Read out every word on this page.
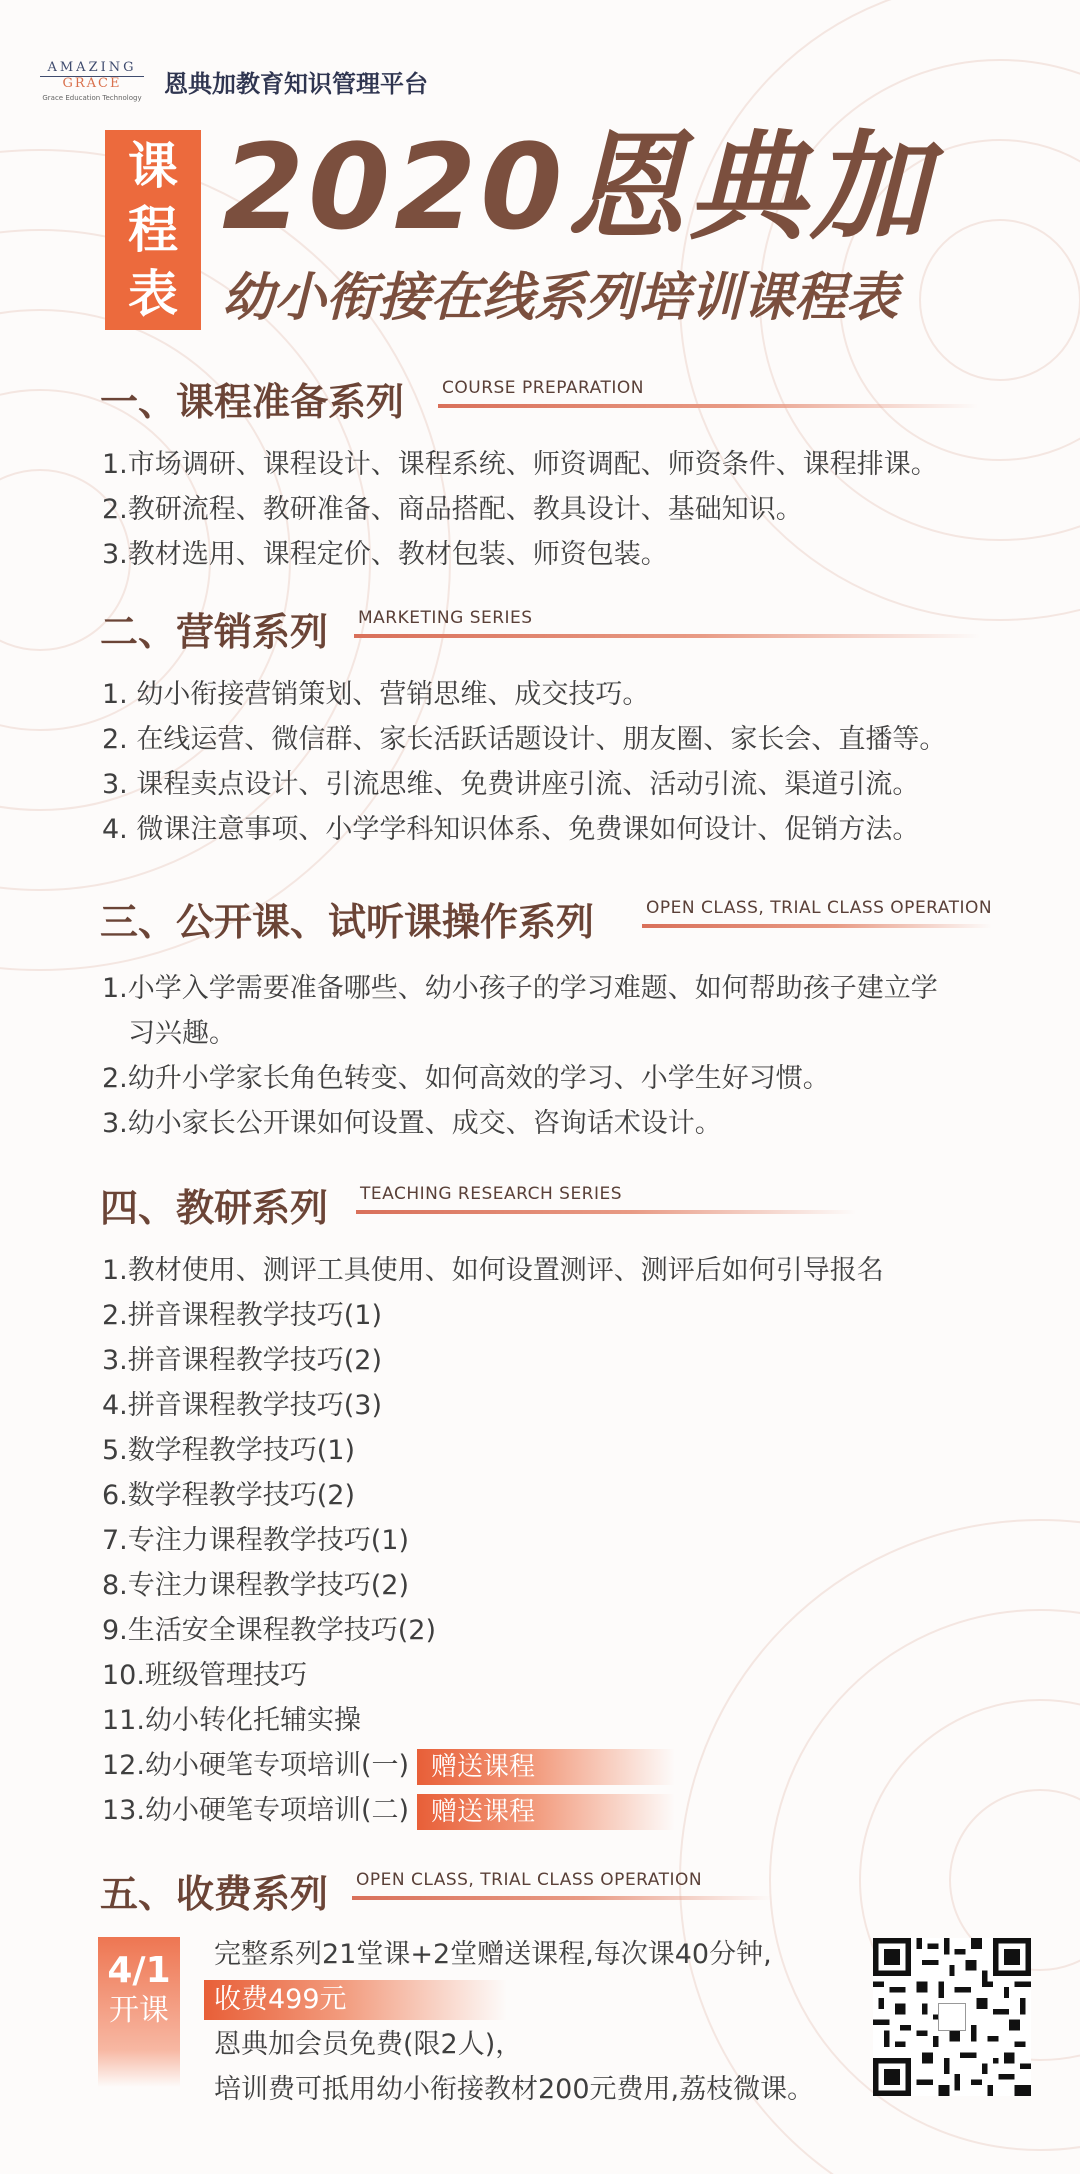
AMAZING
GRACE
Grace Education Technology 恩典加教育知识管理平台
课
程
表
2020恩典加
幼小衔接在线系列培训课程表
一、课程准备系列 COURSE PREPARATION
1.市场调研、课程设计、课程系统、师资调配、师资条件、课程排课。
2.教研流程、教研准备、商品搭配、教具设计、基础知识。
3.教材选用、课程定价、教材包装、师资包装。
二、营销系列 MARKETING SERIES
1. 幼小衔接营销策划、营销思维、成交技巧。
2. 在线运营、微信群、家长活跃话题设计、朋友圈、家长会、直播等。
3. 课程卖点设计、引流思维、免费讲座引流、活动引流、渠道引流。
4. 微课注意事项、小学学科知识体系、免费课如何设计、促销方法。
三、公开课、试听课操作系列	OPEN CLASS, TRIAL CLASS OPERATION
1.小学入学需要准备哪些、幼小孩子的学习难题、如何帮助孩子建立学
习兴趣。
2.幼升小学家长角色转变、如何高效的学习、小学生好习惯。
3.幼小家长公开课如何设置、成交、咨询话术设计。
四、教研系列 TEACHING RESEARCH SERIES
1.教材使用、测评工具使用、如何设置测评、测评后如何引导报名
2.拼音课程教学技巧(1)
3.拼音课程教学技巧(2)
4.拼音课程教学技巧(3)
5.数学程教学技巧(1)
6.数学程教学技巧(2)
7.专注力课程教学技巧(1)
8.专注力课程教学技巧(2)
9.生活安全课程教学技巧(2)
10.班级管理技巧
11.幼小转化托辅实操
12.幼小硬笔专项培训(一) 赠送课程
13.幼小硬笔专项培训(二) 赠送课程
五、收费系列 OPEN CLASS, TRIAL CLASS OPERATION
4/1
开课
完整系列21堂课+2堂赠送课程,每次课40分钟,
收费499元
恩典加会员免费(限2人)，
培训费可抵用幼小衔接教材200元费用,荔枝微课。
